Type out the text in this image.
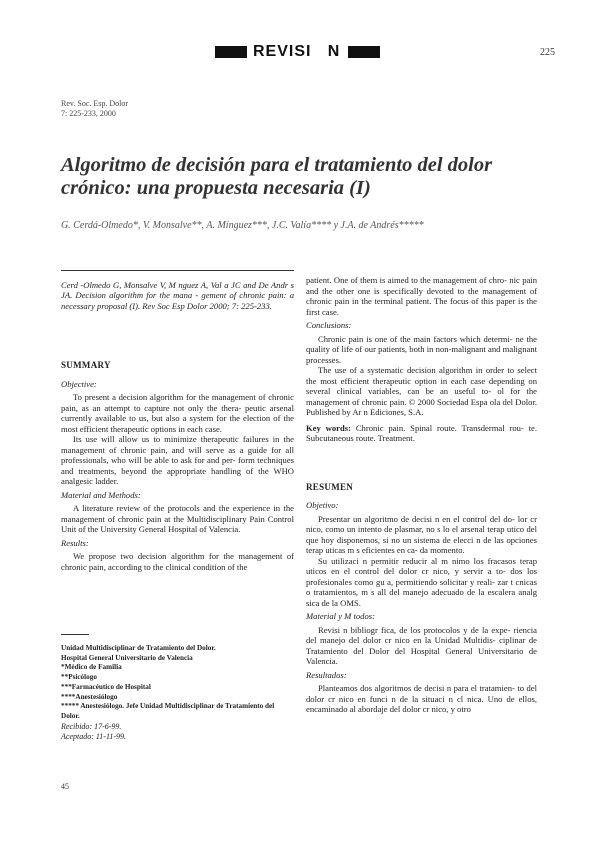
REVISI   N	225
Rev. Soc. Esp. Dolor
7: 225-233, 2000
Algoritmo de decisión para el tratamiento del dolor crónico: una propuesta necesaria (I)
G. Cerdá-Olmedo*, V. Monsalve**, A. Mínguez***, J.C. Valía**** y J.A. de Andrés*****

Cerd -Olmedo G, Monsalve V, M nguez A, Val a JC and De Andr s JA. Decision algorithm for the mana - gement of chronic pain: a necessary proposal (I). Rev Soc Esp Dolor 2000; 7: 225-233.

SUMMARY

Objective:

To present a decision algorithm for the management of chronic pain, as an attempt to capture not only the thera- peutic arsenal currently available to us, but also a system for the election of the most efficient therapeutic options in each case.

Its use will allow us to minimize therapeutic failures in the management of chronic pain, and will serve as a guide for all professionals, who will be able to ask for and per- form techniques and treatments, beyond the appropriate handling of the WHO analgesic ladder.

Material and Methods:

A literature review of the protocols and the experience in the management of chronic pain at the Multidisciplinary Pain Control Unit of the University General Hospital of Valencia.

Results:

We propose two decision algorithm for the management of chronic pain, according to the clinical condition of the

Unidad Multidisciplinar de Tratamiento del Dolor.
Hospital General Universitario de Valencia
*Médico de Familia
**Psicólogo
***Farmacéutico de Hospital
****Anestesiólogo
***** Anestesiólogo. Jefe Unidad Multidisciplinar de Tratamiento del
Dolor.
Recibido: 17-6-99.
Aceptado: 11-11-99.
45

patient. One of them is aimed to the management of chro- nic pain and the other one is specifically devoted to the management of chronic pain in the terminal patient. The focus of this paper is the first case.

Conclusions:

Chronic pain is one of the main factors which determi- ne the quality of life of our patients, both in non-malignant and malignant processes.

The use of a systematic decision algorithm in order to select the most efficient therapeutic option in each case depending on several clinical variables, can be an useful to- ol for the management of chronic pain. © 2000 Sociedad Espa ola del Dolor. Published by Ar n Ediciones, S.A.

Key words: Chronic pain. Spinal route. Transdermal rou- te. Subcutaneous route. Treatment.

RESUMEN

Objetivo:

Presentar un algoritmo de decisi n en el control del do- lor cr nico, como un intento de plasmar, no s lo el arsenal terap utico del que hoy disponemos, si no un sistema de elecci n de las opciones terap uticas m s eficientes en ca- da momento.

Su utilizaci n permitir reducir al m nimo los fracasos terap uticos en el control del dolor cr nico, y servir a to- dos los profesionales como gu a, permitiendo solicitar y reali- zar t cnicas o tratamientos, m s all del manejo adecuado de la escalera analg sica de la OMS.

Material y M todos:

Revisi n bibliogr fica, de los protocolos y de la expe- riencia del manejo del dolor cr nico en la Unidad Multidis- ciplinar de Tratamiento del Dolor del Hospital General Universitario de Valencia.

Resultados:

Planteamos dos algoritmos de decisi n para el tratamien- to del dolor cr nico en funci n de la situaci n cl nica. Uno de ellos, encaminado al abordaje del dolor cr nico, y otro
